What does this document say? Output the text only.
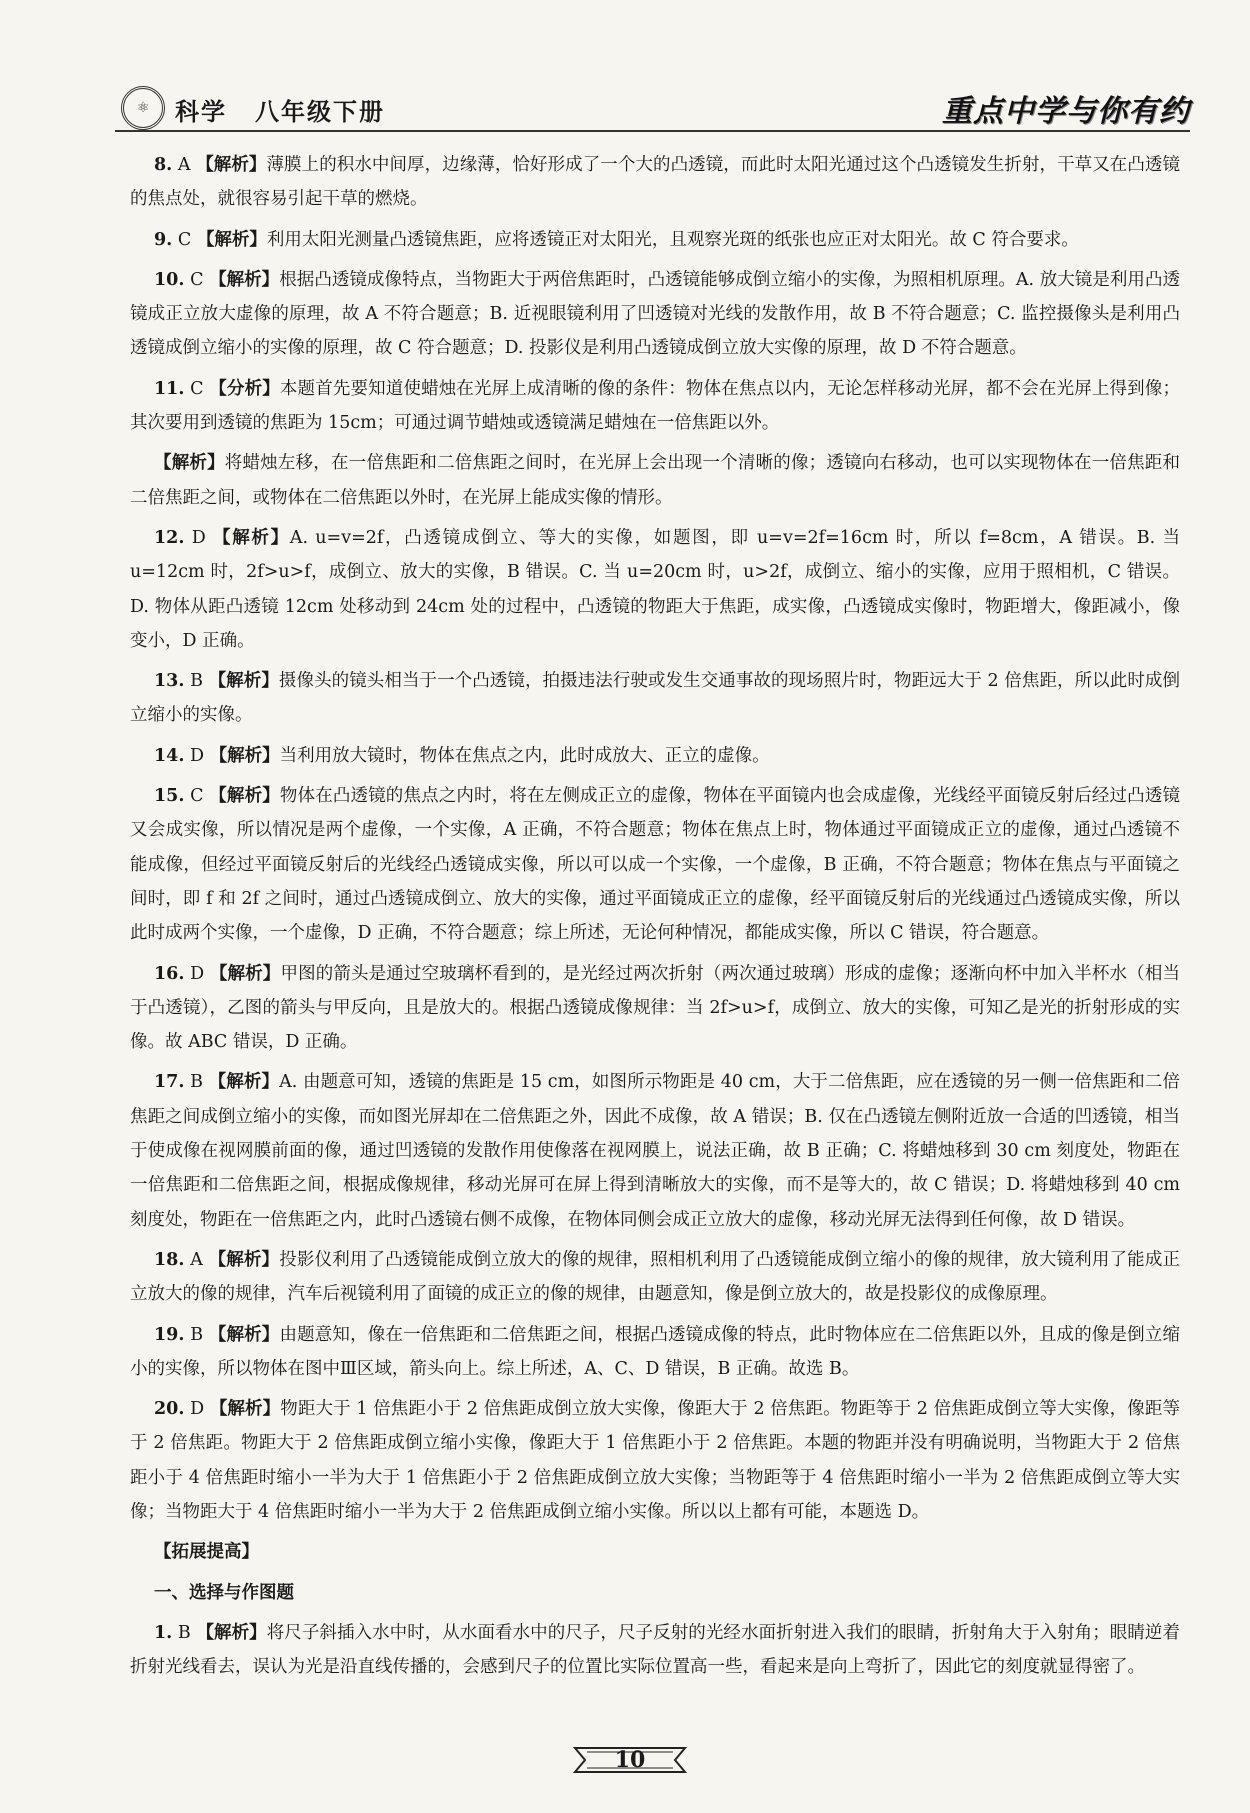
⚛	科学 八年级下册	重点中学与你有约

8. A 【解析】薄膜上的积水中间厚，边缘薄，恰好形成了一个大的凸透镜，而此时太阳光通过这个凸透镜发生折射，干草又在凸透镜的焦点处，就很容易引起干草的燃烧。

9. C 【解析】利用太阳光测量凸透镜焦距，应将透镜正对太阳光，且观察光斑的纸张也应正对太阳光。故 C 符合要求。

10. C 【解析】根据凸透镜成像特点，当物距大于两倍焦距时，凸透镜能够成倒立缩小的实像，为照相机原理。A. 放大镜是利用凸透镜成正立放大虚像的原理，故 A 不符合题意；B. 近视眼镜利用了凹透镜对光线的发散作用，故 B 不符合题意；C. 监控摄像头是利用凸透镜成倒立缩小的实像的原理，故 C 符合题意；D. 投影仪是利用凸透镜成倒立放大实像的原理，故 D 不符合题意。

11. C 【分析】本题首先要知道使蜡烛在光屏上成清晰的像的条件：物体在焦点以内，无论怎样移动光屏，都不会在光屏上得到像；其次要用到透镜的焦距为 15cm；可通过调节蜡烛或透镜满足蜡烛在一倍焦距以外。

【解析】将蜡烛左移，在一倍焦距和二倍焦距之间时，在光屏上会出现一个清晰的像；透镜向右移动，也可以实现物体在一倍焦距和二倍焦距之间，或物体在二倍焦距以外时，在光屏上能成实像的情形。

12. D 【解析】A. u=v=2f，凸透镜成倒立、等大的实像，如题图，即 u=v=2f=16cm 时，所以 f=8cm，A 错误。B. 当 u=12cm 时，2f>u>f，成倒立、放大的实像，B 错误。C. 当 u=20cm 时，u>2f，成倒立、缩小的实像，应用于照相机，C 错误。D. 物体从距凸透镜 12cm 处移动到 24cm 处的过程中，凸透镜的物距大于焦距，成实像，凸透镜成实像时，物距增大，像距减小，像变小，D 正确。

13. B 【解析】摄像头的镜头相当于一个凸透镜，拍摄违法行驶或发生交通事故的现场照片时，物距远大于 2 倍焦距，所以此时成倒立缩小的实像。

14. D 【解析】当利用放大镜时，物体在焦点之内，此时成放大、正立的虚像。

15. C 【解析】物体在凸透镜的焦点之内时，将在左侧成正立的虚像，物体在平面镜内也会成虚像，光线经平面镜反射后经过凸透镜又会成实像，所以情况是两个虚像，一个实像，A 正确，不符合题意；物体在焦点上时，物体通过平面镜成正立的虚像，通过凸透镜不能成像，但经过平面镜反射后的光线经凸透镜成实像，所以可以成一个实像，一个虚像，B 正确，不符合题意；物体在焦点与平面镜之间时，即 f 和 2f 之间时，通过凸透镜成倒立、放大的实像，通过平面镜成正立的虚像，经平面镜反射后的光线通过凸透镜成实像，所以此时成两个实像，一个虚像，D 正确，不符合题意；综上所述，无论何种情况，都能成实像，所以 C 错误，符合题意。

16. D 【解析】甲图的箭头是通过空玻璃杯看到的，是光经过两次折射（两次通过玻璃）形成的虚像；逐渐向杯中加入半杯水（相当于凸透镜），乙图的箭头与甲反向，且是放大的。根据凸透镜成像规律：当 2f>u>f，成倒立、放大的实像，可知乙是光的折射形成的实像。故 ABC 错误，D 正确。

17. B 【解析】A. 由题意可知，透镜的焦距是 15 cm，如图所示物距是 40 cm，大于二倍焦距，应在透镜的另一侧一倍焦距和二倍焦距之间成倒立缩小的实像，而如图光屏却在二倍焦距之外，因此不成像，故 A 错误；B. 仅在凸透镜左侧附近放一合适的凹透镜，相当于使成像在视网膜前面的像，通过凹透镜的发散作用使像落在视网膜上，说法正确，故 B 正确；C. 将蜡烛移到 30 cm 刻度处，物距在一倍焦距和二倍焦距之间，根据成像规律，移动光屏可在屏上得到清晰放大的实像，而不是等大的，故 C 错误；D. 将蜡烛移到 40 cm 刻度处，物距在一倍焦距之内，此时凸透镜右侧不成像，在物体同侧会成正立放大的虚像，移动光屏无法得到任何像，故 D 错误。

18. A 【解析】投影仪利用了凸透镜能成倒立放大的像的规律，照相机利用了凸透镜能成倒立缩小的像的规律，放大镜利用了能成正立放大的像的规律，汽车后视镜利用了面镜的成正立的像的规律，由题意知，像是倒立放大的，故是投影仪的成像原理。

19. B 【解析】由题意知，像在一倍焦距和二倍焦距之间，根据凸透镜成像的特点，此时物体应在二倍焦距以外，且成的像是倒立缩小的实像，所以物体在图中Ⅲ区域，箭头向上。综上所述，A、C、D 错误，B 正确。故选 B。

20. D 【解析】物距大于 1 倍焦距小于 2 倍焦距成倒立放大实像，像距大于 2 倍焦距。物距等于 2 倍焦距成倒立等大实像，像距等于 2 倍焦距。物距大于 2 倍焦距成倒立缩小实像，像距大于 1 倍焦距小于 2 倍焦距。本题的物距并没有明确说明，当物距大于 2 倍焦距小于 4 倍焦距时缩小一半为大于 1 倍焦距小于 2 倍焦距成倒立放大实像；当物距等于 4 倍焦距时缩小一半为 2 倍焦距成倒立等大实像；当物距大于 4 倍焦距时缩小一半为大于 2 倍焦距成倒立缩小实像。所以以上都有可能，本题选 D。

【拓展提高】

一、选择与作图题

1. B 【解析】将尺子斜插入水中时，从水面看水中的尺子，尺子反射的光经水面折射进入我们的眼睛，折射角大于入射角；眼睛逆着折射光线看去，误认为光是沿直线传播的，会感到尺子的位置比实际位置高一些，看起来是向上弯折了，因此它的刻度就显得密了。

10
